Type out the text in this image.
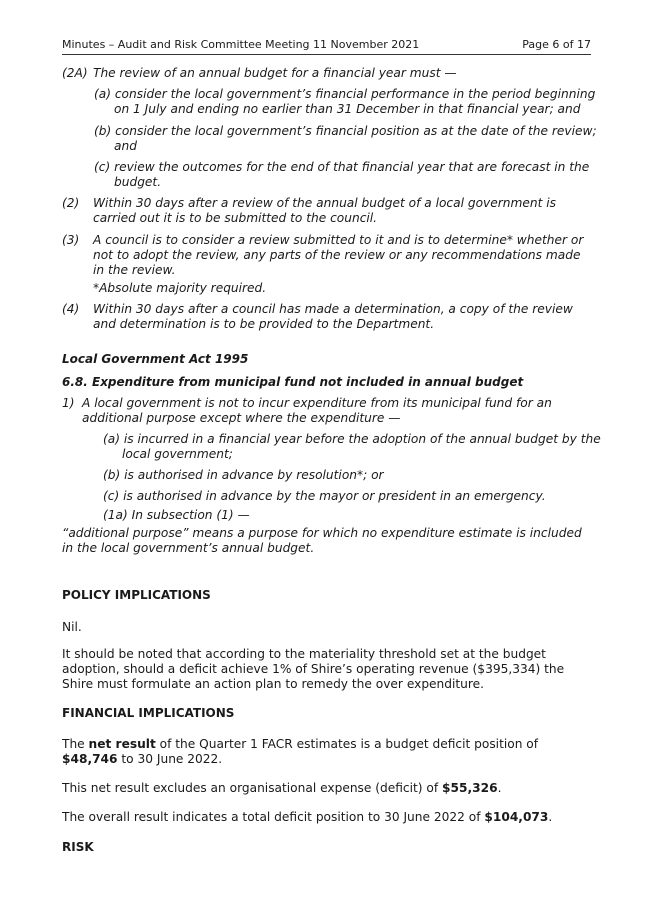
Minutes – Audit and Risk Committee Meeting 11 November 2021	Page 6 of 17
(2A) The review of an annual budget for a financial year must —
(a) consider the local government’s financial performance in the period beginning on 1 July and ending no earlier than 31 December in that financial year; and
(b) consider the local government’s financial position as at the date of the review; and
(c) review the outcomes for the end of that financial year that are forecast in the budget.
(2) Within 30 days after a review of the annual budget of a local government is carried out it is to be submitted to the council.
(3) A council is to consider a review submitted to it and is to determine* whether or not to adopt the review, any parts of the review or any recommendations made in the review.
*Absolute majority required.
(4) Within 30 days after a council has made a determination, a copy of the review and determination is to be provided to the Department.
Local Government Act 1995
6.8. Expenditure from municipal fund not included in annual budget
1) A local government is not to incur expenditure from its municipal fund for an additional purpose except where the expenditure —
(a) is incurred in a financial year before the adoption of the annual budget by the local government;
(b) is authorised in advance by resolution*; or
(c) is authorised in advance by the mayor or president in an emergency.
(1a) In subsection (1) —
“additional purpose” means a purpose for which no expenditure estimate is included in the local government’s annual budget.
POLICY IMPLICATIONS
Nil.
It should be noted that according to the materiality threshold set at the budget adoption, should a deficit achieve 1% of Shire’s operating revenue ($395,334) the Shire must formulate an action plan to remedy the over expenditure.
FINANCIAL IMPLICATIONS
The net result of the Quarter 1 FACR estimates is a budget deficit position of $48,746 to 30 June 2022.
This net result excludes an organisational expense (deficit) of $55,326.
The overall result indicates a total deficit position to 30 June 2022 of $104,073.
RISK
